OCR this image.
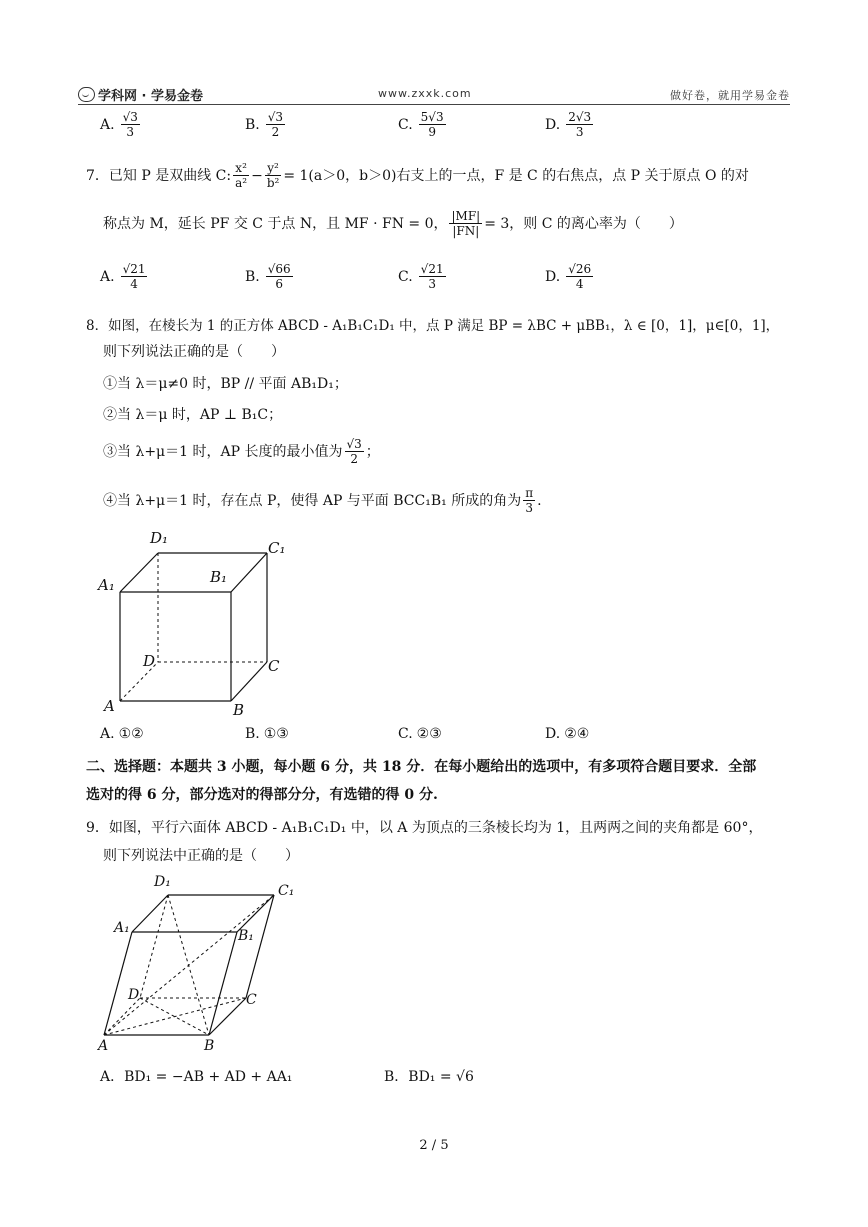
学科网 · 学易金卷	www.zxxk.com	做好卷，就用学易金卷
A. $\frac{√3}{3}$	B. $\frac{√3}{2}$	C. $\frac{5√3}{9}$	D. $\frac{2√3}{3}$
7．已知 P 是双曲线 C: $\frac{\text{x²}}{\text{a²}} - \frac{\text{y²}}{\text{b²}} = 1(a>0$，b＞0)右支上的一点，F 是 C 的右焦点，点 P 关于原点 O 的对
称点为 M，延长 PF 交 C 于点 N，且 MF · FN = 0， $\frac{|MF|}{|FN|} = 3$，则 C 的离心率为（　　）
A. $\frac{√21}{4}$	B. $\frac{√66}{6}$	C. $\frac{√21}{3}$	D. $\frac{√26}{4}$
8．如图，在棱长为 1 的正方体 ABCD - A₁B₁C₁D₁ 中，点 P 满足 BP = λBC + μBB₁，λ ∈ [0，1]，μ∈[0，1]，
则下列说法正确的是（　　）
①当 λ＝μ≠0 时，BP // 平面 AB₁D₁；
②当 λ＝μ 时，AP ⊥ B₁C；
③当 λ+μ＝1 时，AP 长度的最小值为 $\frac{√3}{2}$ ；
④当 λ+μ＝1 时，存在点 P，使得 AP 与平面 BCC₁B₁ 所成的角为 $\frac{\pi}{3}$ .
D₁
C₁
A₁	B₁
D	C
A	B
A. ①②	B. ①③	C. ②③	D. ②④
二、选择题：本题共 3 小题，每小题 6 分，共 18 分．在每小题给出的选项中，有多项符合题目要求．全部
选对的得 6 分，部分选对的得部分分，有选错的得 0 分.
9．如图，平行六面体 ABCD - A₁B₁C₁D₁ 中，以 A 为顶点的三条棱长均为 1，且两两之间的夹角都是 60°，
则下列说法中正确的是（　　）
D₁
C₁
A₁	B₁
D	C
A	B
A．BD₁ = −AB + AD + AA₁	B．BD₁ = √6
2 / 5
